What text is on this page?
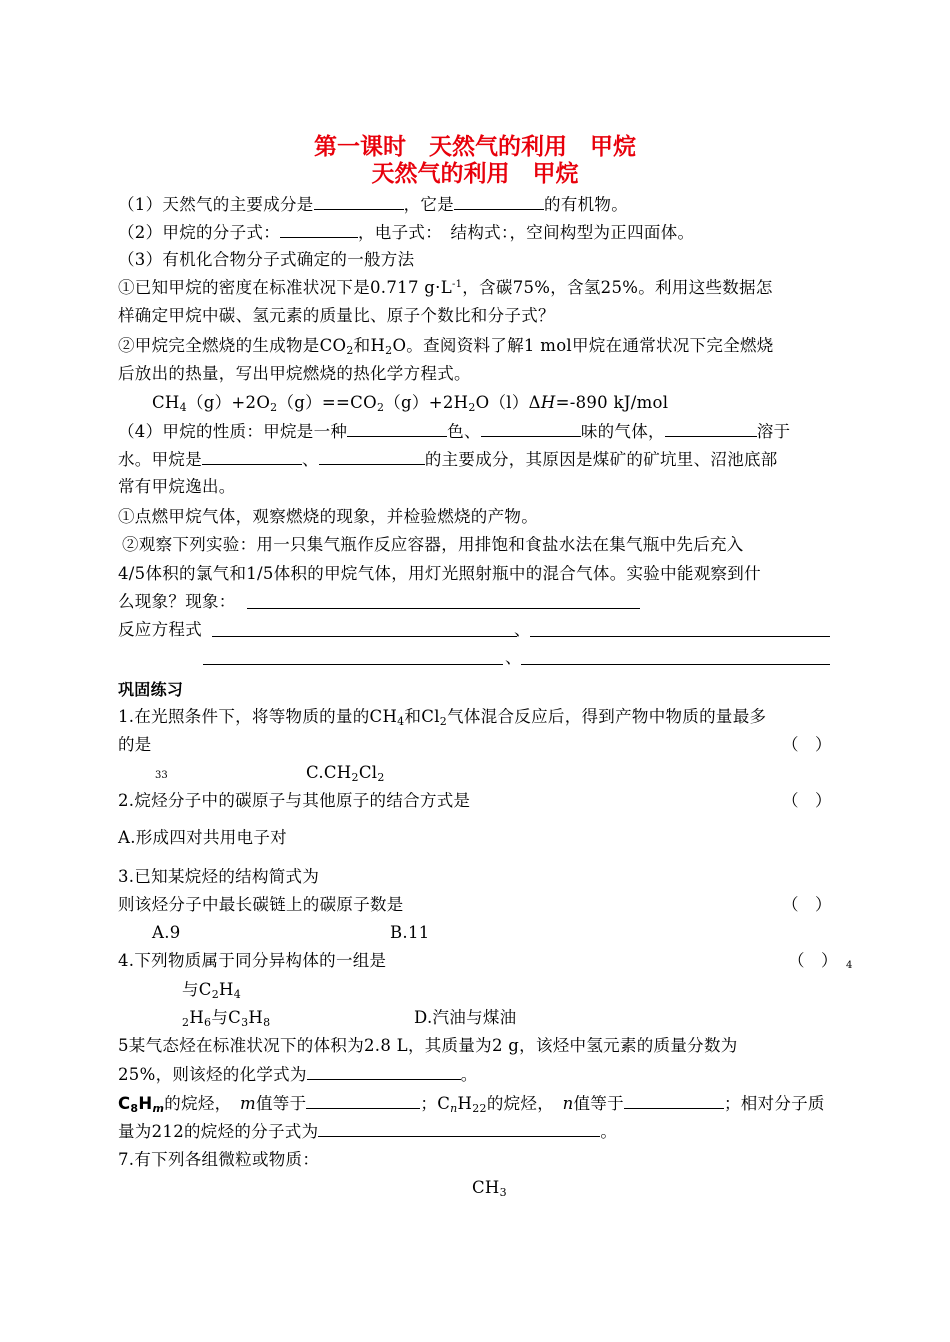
第一课时　天然气的利用　甲烷
天然气的利用　甲烷
（1）天然气的主要成分是	，它是	的有机物。
（2）甲烷的分子式：	，电子式：　结构式：，空间构型为正四面体。
（3）有机化合物分子式确定的一般方法
①已知甲烷的密度在标准状况下是0.717 $g\cdot L^{-1}$，含碳75%，含氢25%。利用这些数据怎
样确定甲烷中碳、氢元素的质量比、原子个数比和分子式？
②甲烷完全燃烧的生成物是$CO_2$和$H_2O$。查阅资料了解1 mol甲烷在通常状况下完全燃烧
后放出的热量，写出甲烷燃烧的热化学方程式。
$CH_4(g)+2O_2(g)==CO_2(g)+2H_2O(l)\Delta H=-890$ kJ/mol
（4）甲烷的性质：甲烷是一种	色、	味的气体，	溶于
水。甲烷是	、	的主要成分，其原因是煤矿的矿坑里、沼池底部
常有甲烷逸出。
①点燃甲烷气体，观察燃烧的现象，并检验燃烧的产物。
②观察下列实验：用一只集气瓶作反应容器，用排饱和食盐水法在集气瓶中先后充入
4/5体积的氯气和1/5体积的甲烷气体，用灯光照射瓶中的混合气体。实验中能观察到什
么现象？现象：
反应方程式	、
、
巩固练习
1.在光照条件下，将等物质的量的$CH_4$和$Cl_2$气体混合反应后，得到产物中物质的量最多
的是	（　）
33	$C.CH_2Cl_2$
2.烷烃分子中的碳原子与其他原子的结合方式是	（　）
A.形成四对共用电子对
3.已知某烷烃的结构简式为
则该烃分子中最长碳链上的碳原子数是	（　）
A.9	B.11
4.下列物质属于同分异构体的一组是	（　） 4
与$C_2H_4$
$_2H_6$与$C_3H_8$	D.汽油与煤油
5某气态烃在标准状况下的体积为2.8 L，其质量为2 g，该烃中氢元素的质量分数为
25%，则该烃的化学式为	。
$C_8H_m$的烷烃，　 m值等于	；$C_nH_{22}$的烷烃，　 n值等于	；相对分子质
量为212的烷烃的分子式为	。
7.有下列各组微粒或物质：
$CH_3$
